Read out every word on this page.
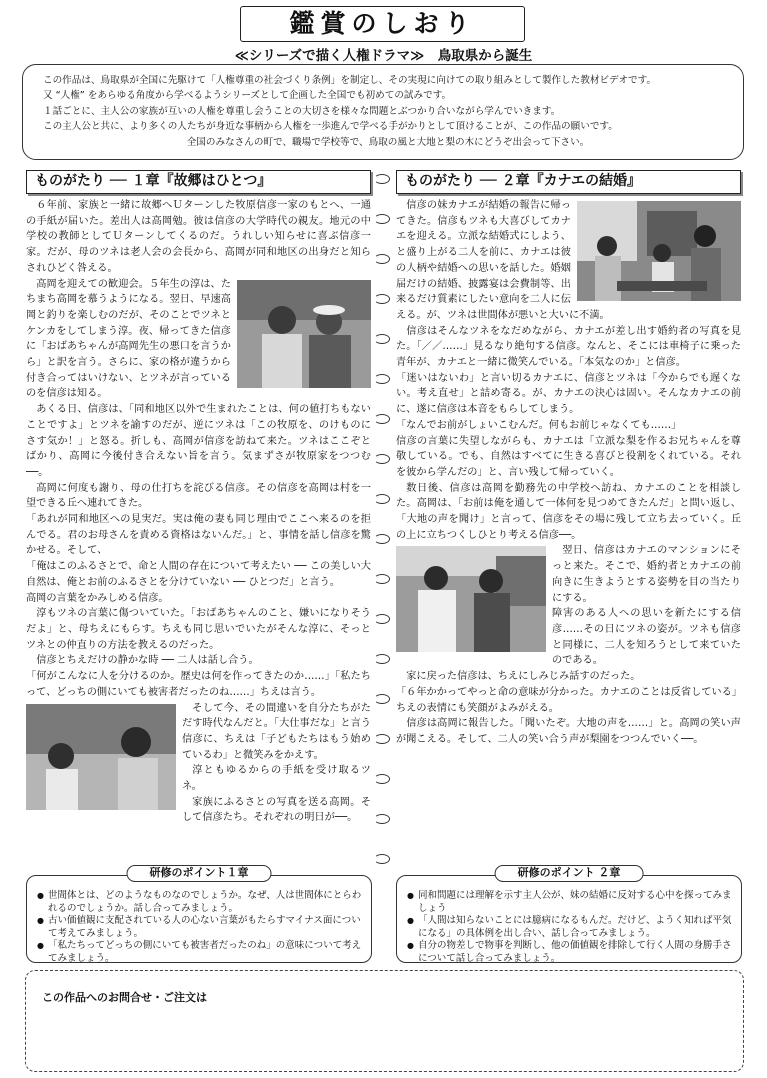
鑑賞のしおり
≪シリーズで描く人権ドラマ≫　鳥取県から誕生

この作品は、鳥取県が全国に先駆けて「人権尊重の社会づくり条例」を制定し、その実現に向けての取り組みとして製作した教材ビデオです。

又 “人権” をあらゆる角度から学べるようシリーズとして企画した全国でも初めての試みです。

１話ごとに、主人公の家族が互いの人権を尊重し会うことの大切さを様々な問題とぶつかり合いながら学んでいきます。

この主人公と共に、より多くの人たちが身近な事柄から人権を一歩進んで学べる手がかりとして頂けることが、この作品の願いです。

全国のみなさんの町で、職場で学校等で、鳥取の風と大地と梨の木にどうぞ出会って下さい。

ものがたり ── １章『故郷はひとつ』

６年前、家族と一緒に故郷へＵターンした牧原信彦一家のもとへ、一通の手紙が届いた。差出人は高岡勉。彼は信彦の大学時代の親友。地元の中学校の教師としてＵターンしてくるのだ。うれしい知らせに喜ぶ信彦一家。だが、母のツネは老人会の会長から、高岡が同和地区の出身だと知らされひどく咎える。

高岡を迎えての歓迎会。５年生の淳は、たちまち高岡を慕うようになる。翌日、早速高岡と釣りを楽しむのだが、そのことでツネとケンカをしてしまう淳。夜、帰ってきた信彦に「おばあちゃんが高岡先生の悪口を言うから」と訳を言う。さらに、家の格が違うから付き合ってはいけない、とツネが言っているのを信彦は知る。

あくる日、信彦は、「同和地区以外で生まれたことは、何の値打ちもないことですよ」とツネを諭すのだが、逆にツネは「この牧原を、のけものにさす気か！」と怒る。折しも、高岡が信彦を訪ねて来た。ツネはここぞとばかり、高岡に今後付き合えない旨を言う。気まずさが牧原家をつつむ──。

高岡に何度も謝り、母の仕打ちを詫びる信彦。その信彦を高岡は村を一望できる丘へ連れてきた。

「あれが同和地区への見実だ。実は俺の妻も同じ理由でここへ来るのを拒んでる。君のお母さんを責める資格はないんだ。」と、事情を話し信彦を驚かせる。そして、

「俺はこのふるさとで、命と人間の存在について考えたい ── この美しい大自然は、俺とお前のふるさとを分けていない ── ひとつだ」と言う。

高岡の言葉をかみしめる信彦。

淳もツネの言葉に傷ついていた。「おばあちゃんのこと、嫌いになりそうだよ」と、母ちえにもらす。ちえも同じ思いでいたがそんな淳に、そっとツネとの仲直りの方法を教えるのだった。

信彦とちえだけの静かな時 ── 二人は話し合う。

「何がこんなに人を分けるのか。歴史は何を作ってきたのか……」「私たちって、どっちの側にいても被害者だったのね……」ちえは言う。

そして今、その間違いを自分たちがただす時代なんだと。「大仕事だな」と言う信彦に、ちえは「子どもたちはもう始めているわ」と微笑みをかえす。

淳ともゆるからの手紙を受け取るツネ。

家族にふるさとの写真を送る高岡。そして信彦たち。それぞれの明日が──。

ものがたり ── ２章『カナエの結婚』

信彦の妹カナエが結婚の報告に帰ってきた。信彦もツネも大喜びしてカナエを迎える。立派な結婚式にしよう、と盛り上がる二人を前に、カナエは彼の人柄や結婚への思いを話した。婚姻届だけの結婚、披露宴は会費制等、出来るだけ質素にしたい意向を二人に伝える。が、ツネは世間体が悪いと大いに不満。

信彦はそんなツネをなだめながら、カナエが差し出す婚約者の写真を見た。「／／……」見るなり絶句する信彦。なんと、そこには車椅子に乗った青年が、カナエと一緒に微笑んでいる。「本気なのか」と信彦。

「迷いはないわ」と言い切るカナエに、信彦とツネは「今からでも遅くない。考え直せ」と詰め寄る。が、カナエの決心は固い。そんなカナエの前に、遂に信彦は本音をもらしてしまう。

「なんでお前がしょいこむんだ。何もお前じゃなくても……」

信彦の言葉に失望しながらも、カナエは「立派な梨を作るお兄ちゃんを尊敬している。でも、自然はすべてに生きる喜びと役割をくれている。それを彼から学んだの」と、言い残して帰っていく。

数日後、信彦は高岡を勤務先の中学校へ訪ね、カナエのことを相談した。高岡は、「お前は俺を通して一体何を見つめてきたんだ」と問い返し、「大地の声を聞け」と言って、信彦をその場に残して立ち去っていく。丘の上に立ちつくしひとり考える信彦──。

翌日、信彦はカナエのマンションにそっと来た。そこで、婚約者とカナエの前向きに生きようとする姿勢を目の当たりにする。

障害のある人への思いを新たにする信彦……その日にツネの姿が。ツネも信彦と同様に、二人を知ろうとして来ていたのである。

家に戻った信彦は、ちえにしみじみ話すのだった。

「６年かかってやっと命の意味が分かった。カナエのことは反省している」

ちえの表情にも笑顔がよみがえる。

信彦は高岡に報告した。「聞いたぞ。大地の声を……」と。高岡の笑い声が聞こえる。そして、二人の笑い合う声が梨園をつつんでいく──。

研修のポイント１章
● 世間体とは、どのようなものなのでしょうか。なぜ、人は世間体にとらわれるのでしょうか。話し合ってみましょう。
● 古い価値観に支配されている人の心ない言葉がもたらすマイナス面について考えてみましょう。
● 「私たちってどっちの側にいても被害者だったのね」の意味について考えてみましょう。
研修のポイント ２章
● 同和問題には理解を示す主人公が、妹の結婚に反対する心中を探ってみましょう
● 「人間は知らないことには臆病になるもんだ。だけど、ようく知れば平気になる」の具体例を出し合い、話し合ってみましょう。
● 自分の物差しで物事を判断し、他の価値観を排除して行く人間の身勝手さについて話し合ってみましょう。
この作品へのお問合せ・ご注文は
